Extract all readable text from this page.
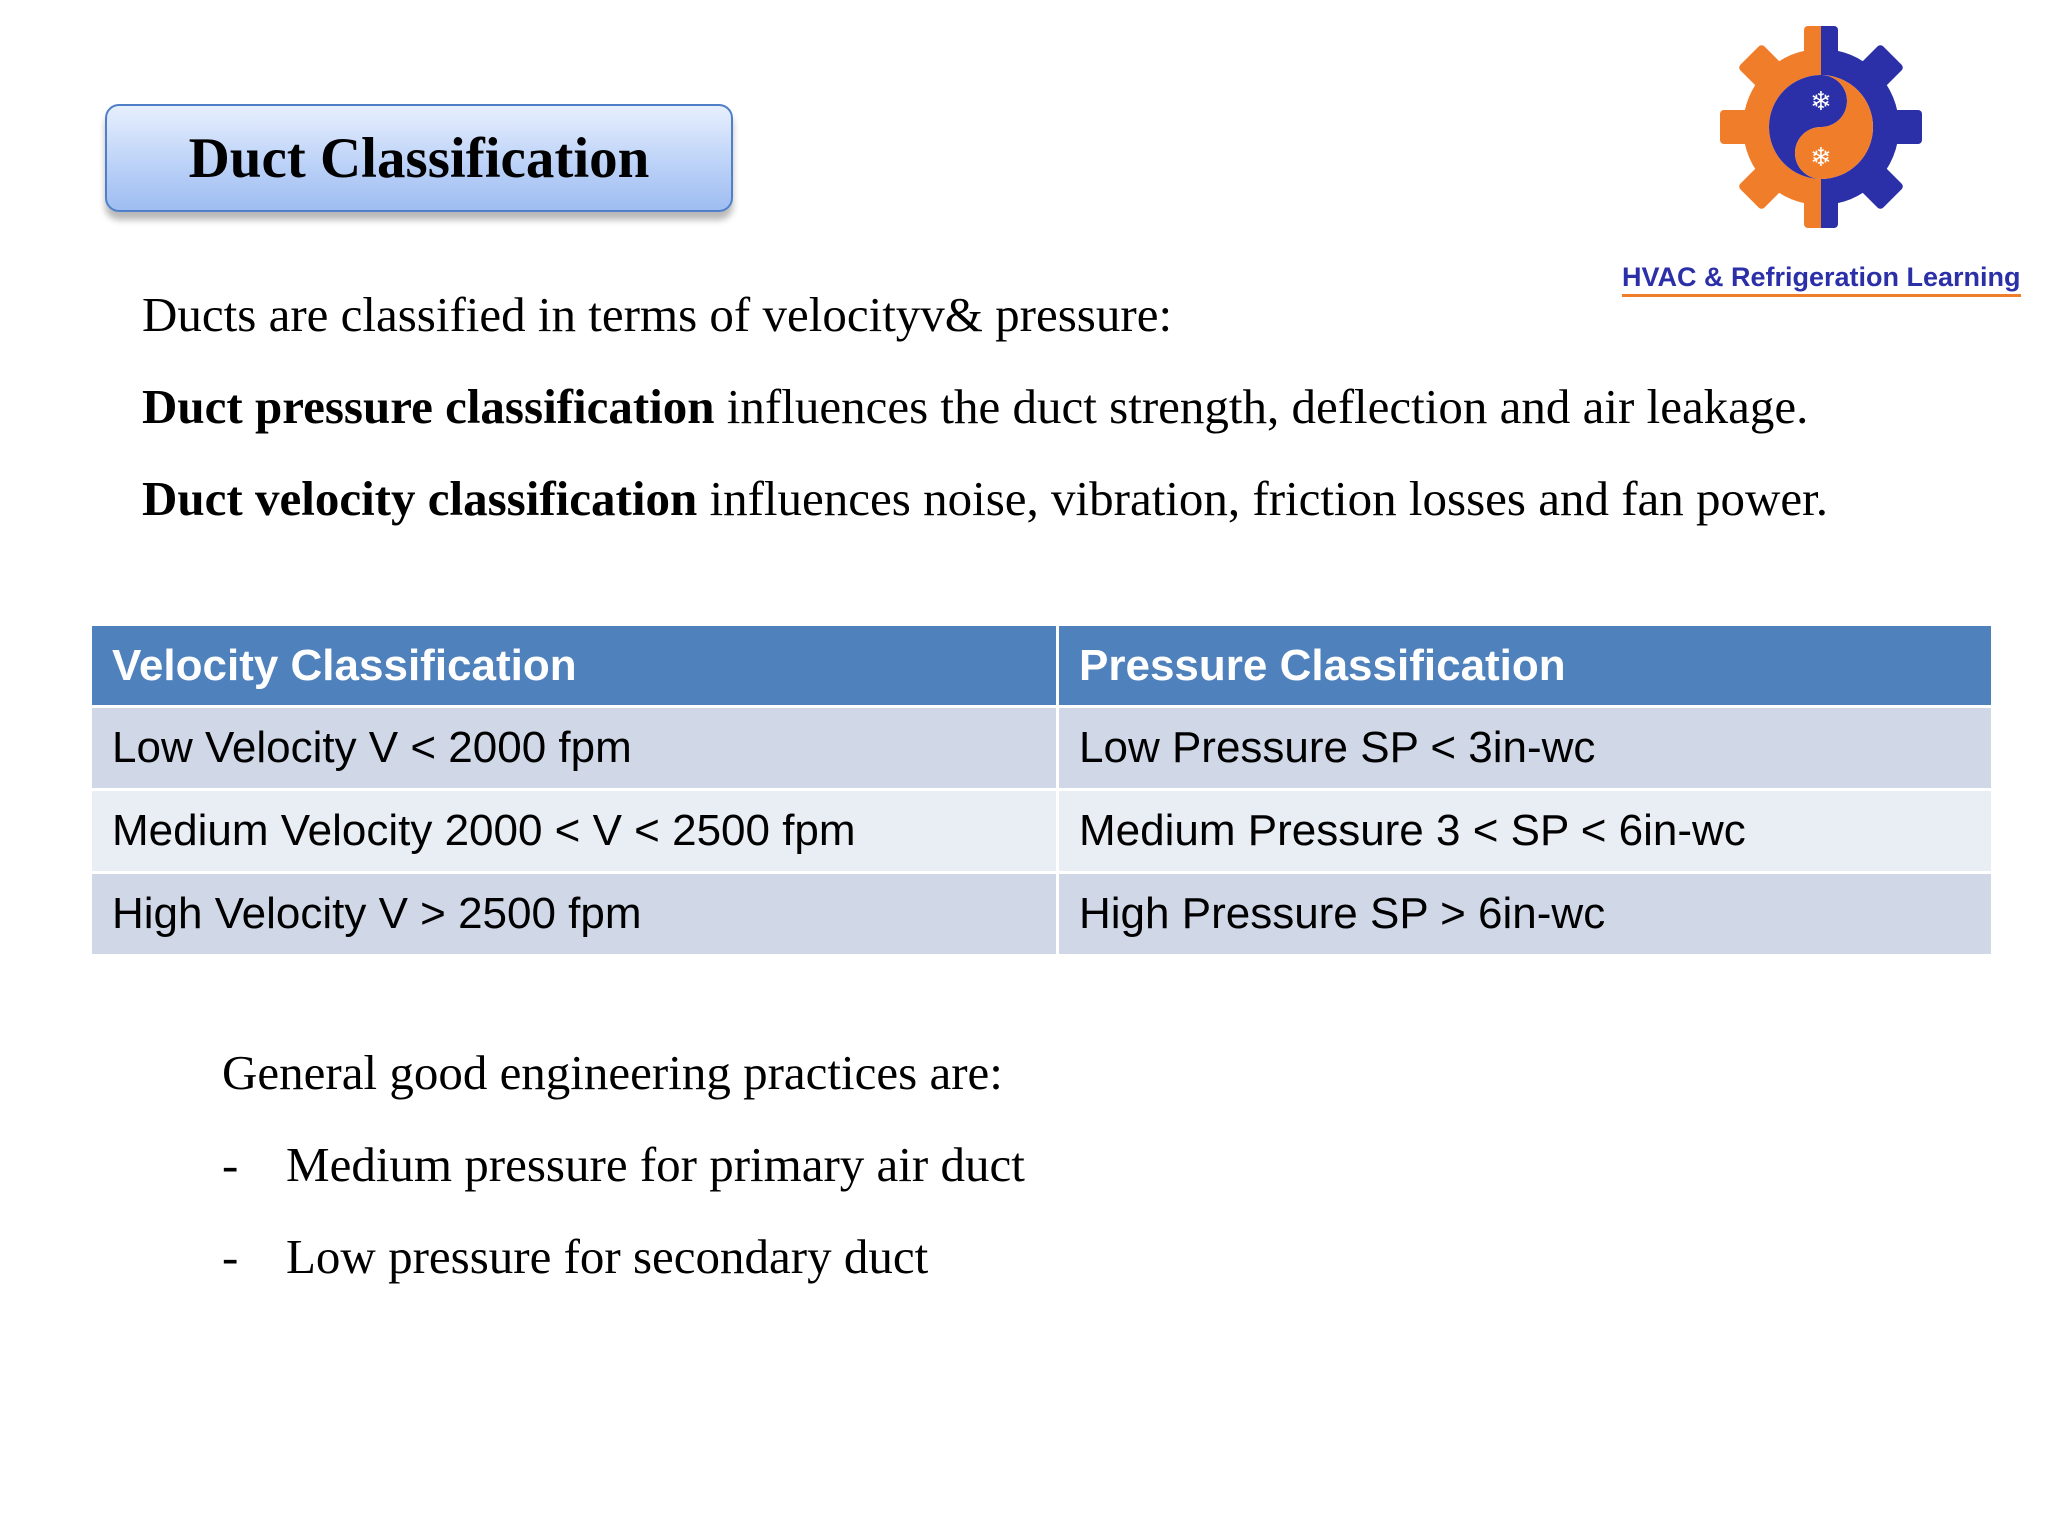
Duct Classification
❄
❄
HVAC & Refrigeration Learning

Ducts are classified in terms of velocityv& pressure:

Duct pressure classification influences the duct strength, deflection and air leakage.

Duct velocity classification influences noise, vibration, friction losses and fan power.

Velocity Classification	Pressure Classification
Low Velocity V < 2000 fpm	Low Pressure SP < 3in-wc
Medium Velocity 2000 < V < 2500 fpm	Medium Pressure 3 < SP < 6in-wc
High Velocity V > 2500 fpm	High Pressure SP > 6in-wc

General good engineering practices are:

- Medium pressure for primary air duct

- Low pressure for secondary duct
